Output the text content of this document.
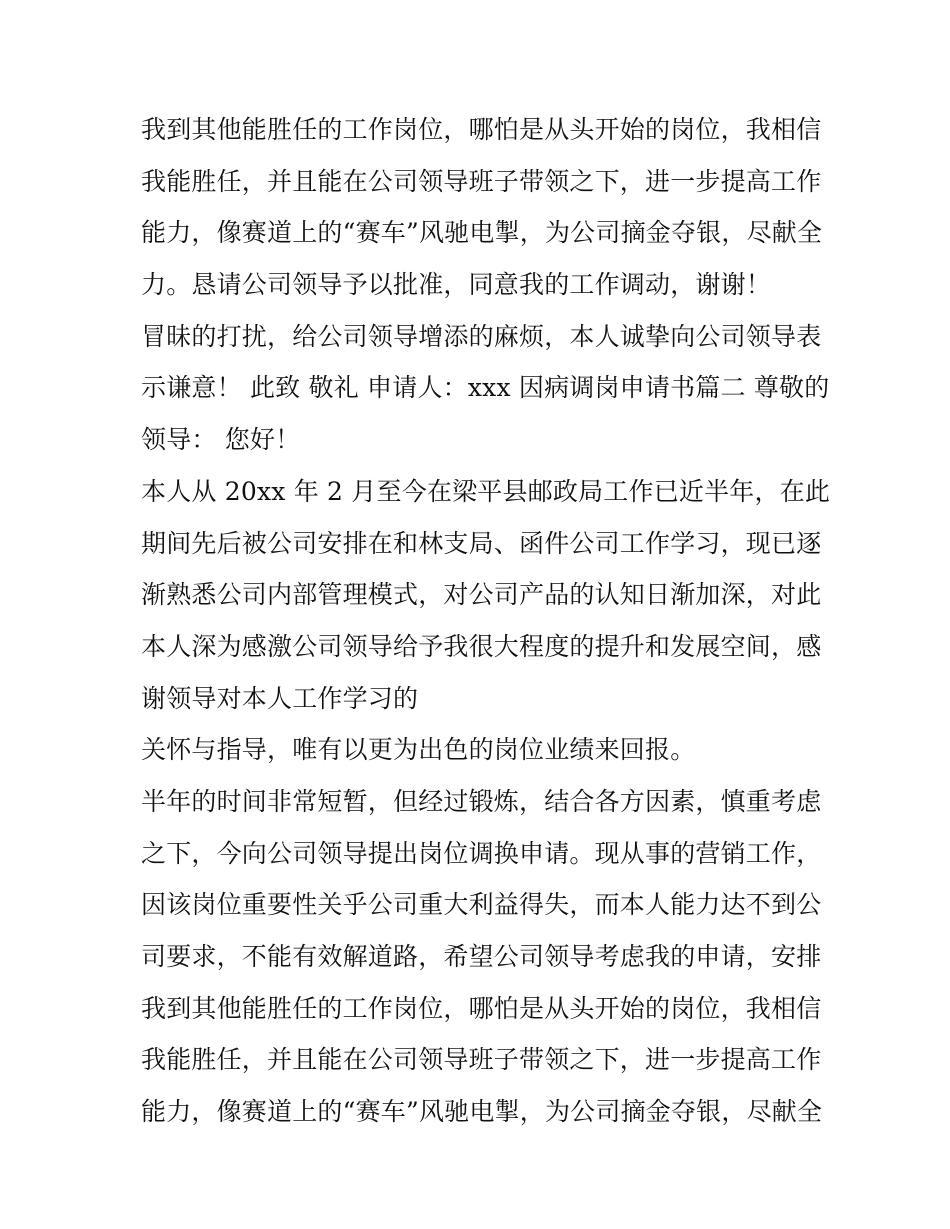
我到其他能胜任的工作岗位，哪怕是从头开始的岗位，我相信
我能胜任，并且能在公司领导班子带领之下，进一步提高工作
能力，像赛道上的“赛车”风驰电掣，为公司摘金夺银，尽献全
力。恳请公司领导予以批准，同意我的工作调动，谢谢！
冒昧的打扰，给公司领导增添的麻烦，本人诚挚向公司领导表
示谦意！ 此致 敬礼 申请人：xxx 因病调岗申请书篇二 尊敬的
领导： 您好！
本人从 20xx 年 2 月至今在梁平县邮政局工作已近半年，在此
期间先后被公司安排在和林支局、函件公司工作学习，现已逐
渐熟悉公司内部管理模式，对公司产品的认知日渐加深，对此
本人深为感激公司领导给予我很大程度的提升和发展空间，感
谢领导对本人工作学习的
关怀与指导，唯有以更为出色的岗位业绩来回报。
半年的时间非常短暂，但经过锻炼，结合各方因素，慎重考虑
之下，今向公司领导提出岗位调换申请。现从事的营销工作，
因该岗位重要性关乎公司重大利益得失，而本人能力达不到公
司要求，不能有效解道路，希望公司领导考虑我的申请，安排
我到其他能胜任的工作岗位，哪怕是从头开始的岗位，我相信
我能胜任，并且能在公司领导班子带领之下，进一步提高工作
能力，像赛道上的“赛车”风驰电掣，为公司摘金夺银，尽献全
